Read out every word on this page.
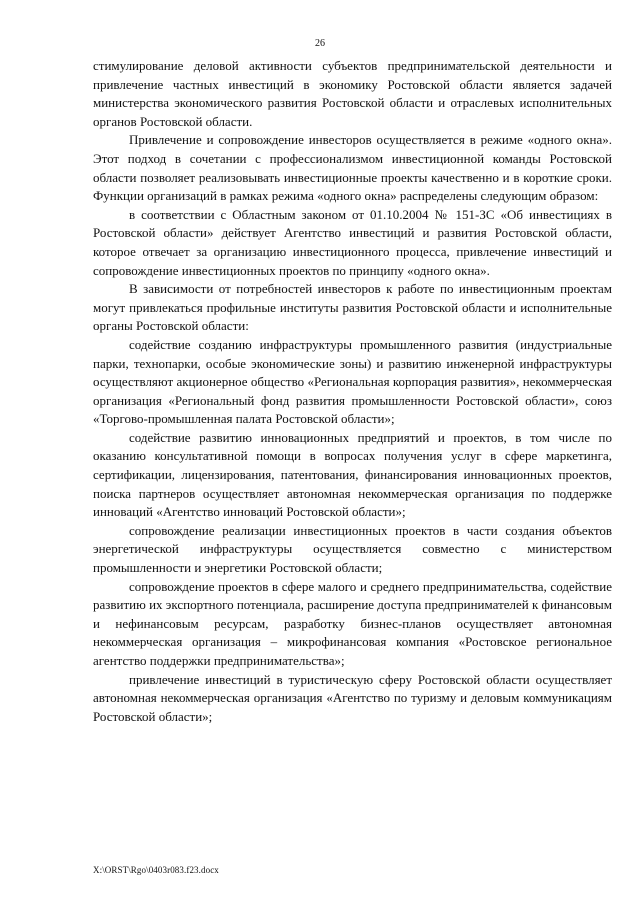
26

стимулирование деловой активности субъектов предпринимательской деятельности и привлечение частных инвестиций в экономику Ростовской области является задачей министерства экономического развития Ростовской области и отраслевых исполнительных органов Ростовской области.

Привлечение и сопровождение инвесторов осуществляется в режиме «одного окна». Этот подход в сочетании с профессионализмом инвестиционной команды Ростовской области позволяет реализовывать инвестиционные проекты качественно и в короткие сроки. Функции организаций в рамках режима «одного окна» распределены следующим образом:

в соответствии с Областным законом от 01.10.2004 № 151-ЗС «Об инвестициях в Ростовской области» действует Агентство инвестиций и развития Ростовской области, которое отвечает за организацию инвестиционного процесса, привлечение инвестиций и сопровождение инвестиционных проектов по принципу «одного окна».

В зависимости от потребностей инвесторов к работе по инвестиционным проектам могут привлекаться профильные институты развития Ростовской области и исполнительные органы Ростовской области:

содействие созданию инфраструктуры промышленного развития (индустриальные парки, технопарки, особые экономические зоны) и развитию инженерной инфраструктуры осуществляют акционерное общество «Региональная корпорация развития», некоммерческая организация «Региональный фонд развития промышленности Ростовской области», союз «Торгово-промышленная палата Ростовской области»;

содействие развитию инновационных предприятий и проектов, в том числе по оказанию консультативной помощи в вопросах получения услуг в сфере маркетинга, сертификации, лицензирования, патентования, финансирования инновационных проектов, поиска партнеров осуществляет автономная некоммерческая организация по поддержке инноваций «Агентство инноваций Ростовской области»;

сопровождение реализации инвестиционных проектов в части создания объектов энергетической инфраструктуры осуществляется совместно с министерством промышленности и энергетики Ростовской области;

сопровождение проектов в сфере малого и среднего предпринимательства, содействие развитию их экспортного потенциала, расширение доступа предпринимателей к финансовым и нефинансовым ресурсам, разработку бизнес-планов осуществляет автономная некоммерческая организация – микрофинансовая компания «Ростовское региональное агентство поддержки предпринимательства»;

привлечение инвестиций в туристическую сферу Ростовской области осуществляет автономная некоммерческая организация «Агентство по туризму и деловым коммуникациям Ростовской области»;

X:\ORST\Rgo\0403r083.f23.docx
